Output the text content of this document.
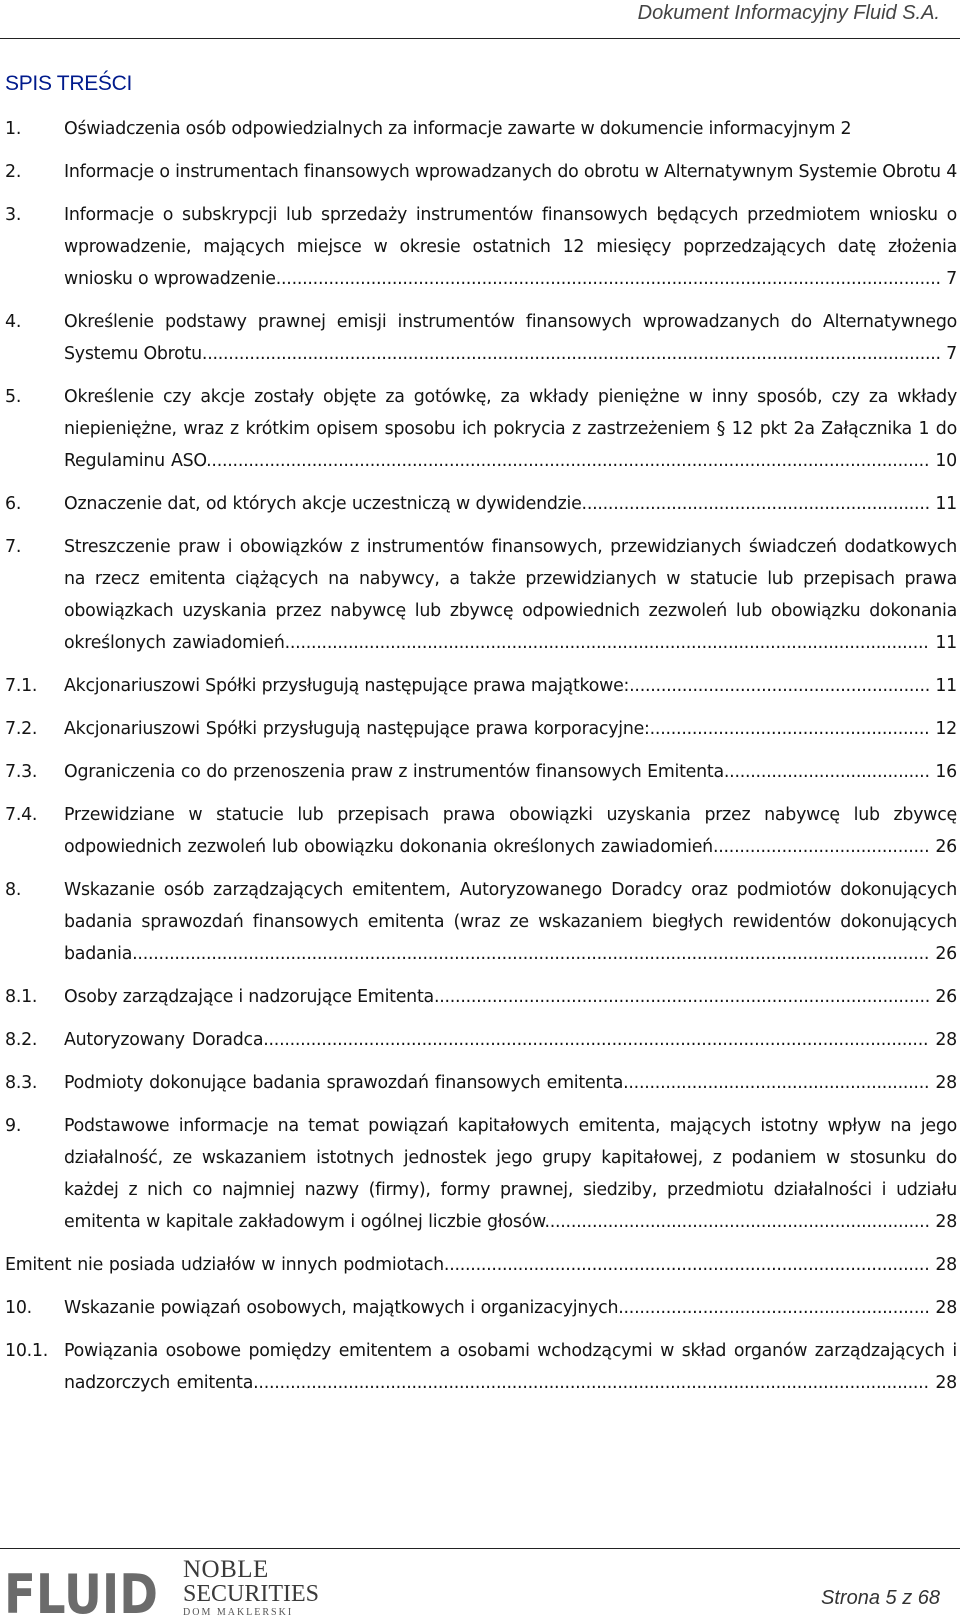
Dokument Informacyjny Fluid S.A.
SPIS TREŚCI
1. Oświadczenia osób odpowiedzialnych za informacje zawarte w dokumencie informacyjnym 2
2. Informacje o instrumentach finansowych wprowadzanych do obrotu w Alternatywnym Systemie Obrotu 4
3. Informacje o subskrypcji lub sprzedaży instrumentów finansowych będących przedmiotem wniosku o wprowadzenie, mających miejsce w okresie ostatnich 12 miesięcy poprzedzających datę złożenia wniosku o wprowadzenie.............................................................................................................................. 7
4. Określenie podstawy prawnej emisji instrumentów finansowych wprowadzanych do Alternatywnego Systemu Obrotu............................................................................................................................................ 7
5. Określenie czy akcje zostały objęte za gotówkę, za wkłady pieniężne w inny sposób, czy za wkłady niepieniężne, wraz z krótkim opisem sposobu ich pokrycia z zastrzeżeniem § 12 pkt 2a Załącznika 1 do Regulaminu ASO......................................................................................................................................... 10
6. Oznaczenie dat, od których akcje uczestniczą w dywidendzie.................................................................. 11
7. Streszczenie praw i obowiązków z instrumentów finansowych, przewidzianych świadczeń dodatkowych na rzecz emitenta ciążących na nabywcy, a także przewidzianych w statucie lub przepisach prawa obowiązkach uzyskania przez nabywcę lub zbywcę odpowiednich zezwoleń lub obowiązku dokonania określonych zawiadomień.......................................................................................................................... 11
7.1. Akcjonariuszowi Spółki przysługują następujące prawa majątkowe:......................................................... 11
7.2. Akcjonariuszowi Spółki przysługują następujące prawa korporacyjne:..................................................... 12
7.3. Ograniczenia co do przenoszenia praw z instrumentów finansowych Emitenta....................................... 16
7.4. Przewidziane w statucie lub przepisach prawa obowiązki uzyskania przez nabywcę lub zbywcę odpowiednich zezwoleń lub obowiązku dokonania określonych zawiadomień......................................... 26
8. Wskazanie osób zarządzających emitentem, Autoryzowanego Doradcy oraz podmiotów dokonujących badania sprawozdań finansowych emitenta (wraz ze wskazaniem biegłych rewidentów dokonujących badania....................................................................................................................................................... 26
8.1. Osoby zarządzające i nadzorujące Emitenta.............................................................................................. 26
8.2. Autoryzowany Doradca.............................................................................................................................. 28
8.3. Podmioty dokonujące badania sprawozdań finansowych emitenta.......................................................... 28
9. Podstawowe informacje na temat powiązań kapitałowych emitenta, mających istotny wpływ na jego działalność, ze wskazaniem istotnych jednostek jego grupy kapitałowej, z podaniem w stosunku do każdej z nich co najmniej nazwy (firmy), formy prawnej, siedziby, przedmiotu działalności i udziału emitenta w kapitale zakładowym i ogólnej liczbie głosów......................................................................... 28
Emitent nie posiada udziałów w innych podmiotach............................................................................................ 28
10. Wskazanie powiązań osobowych, majątkowych i organizacyjnych........................................................... 28
10.1. Powiązania osobowe pomiędzy emitentem a osobami wchodzącymi w skład organów zarządzających i nadzorczych emitenta................................................................................................................................ 28
FLUID NOBLE
SECURITIES
DOM MAKLERSKI
Strona 5 z 68
